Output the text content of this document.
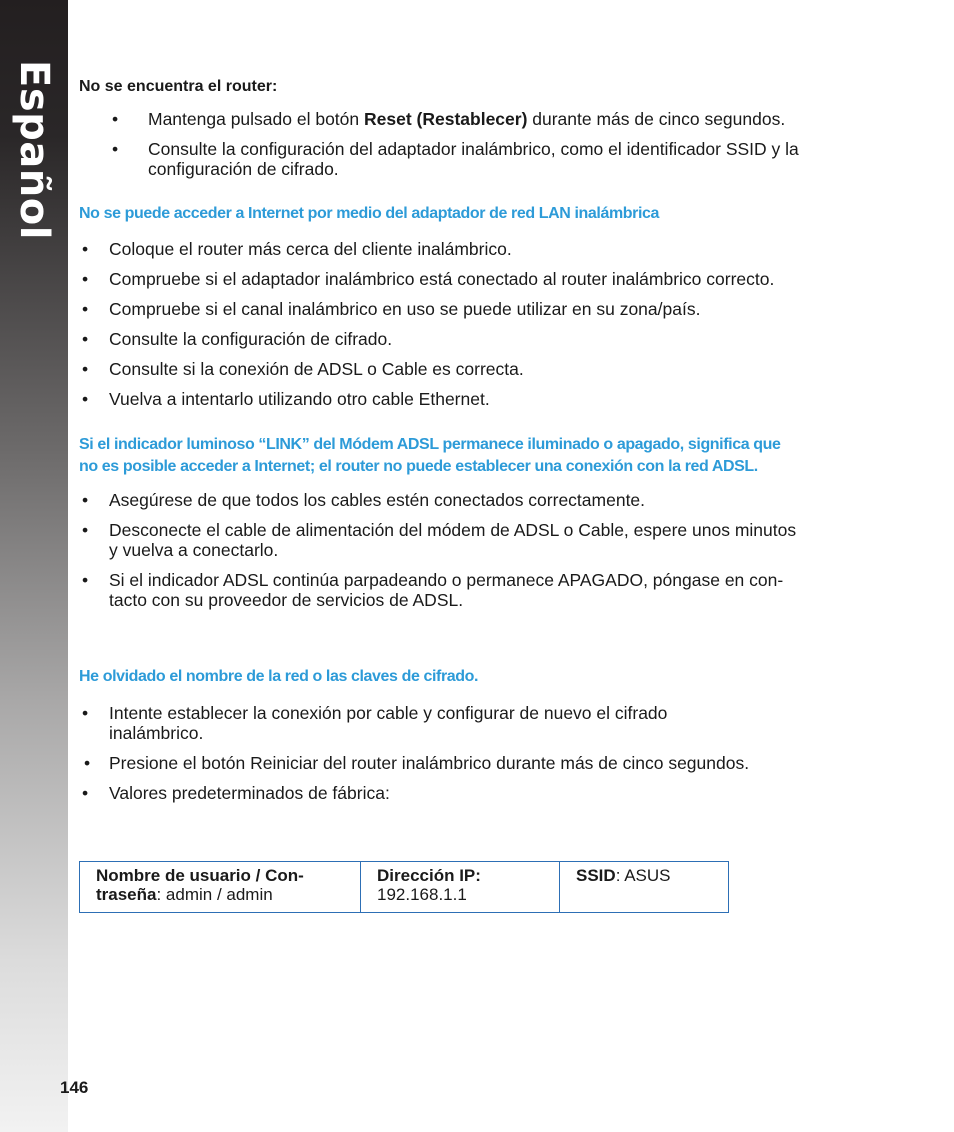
Español No se encuentra el router:
• Mantenga pulsado el botón Reset (Restablecer) durante más de cinco segundos.
• Consulte la configuración del adaptador inalámbrico, como el identificador SSID y la
configuración de cifrado.
No se puede acceder a Internet por medio del adaptador de red LAN inalámbrica
• Coloque el router más cerca del cliente inalámbrico.
• Compruebe si el adaptador inalámbrico está conectado al router inalámbrico correcto.
• Compruebe si el canal inalámbrico en uso se puede utilizar en su zona/país.
• Consulte la configuración de cifrado.
• Consulte si la conexión de ADSL o Cable es correcta.
• Vuelva a intentarlo utilizando otro cable Ethernet.
Si el indicador luminoso “LINK” del Módem ADSL permanece iluminado o apagado, significa que
no es posible acceder a Internet; el router no puede establecer una conexión con la red ADSL.
• Asegúrese de que todos los cables estén conectados correctamente.
• Desconecte el cable de alimentación del módem de ADSL o Cable, espere unos minutos
y vuelva a conectarlo.
• Si el indicador ADSL continúa parpadeando o permanece APAGADO, póngase en con-
tacto con su proveedor de servicios de ADSL.
He olvidado el nombre de la red o las claves de cifrado.
• Intente establecer la conexión por cable y configurar de nuevo el cifrado
inalámbrico.
• Presione el botón Reiniciar del router inalámbrico durante más de cinco segundos.
• Valores predeterminados de fábrica:
Nombre de usuario / Con-
traseña: admin / admin	Dirección IP:
192.168.1.1	SSID: ASUS
146
